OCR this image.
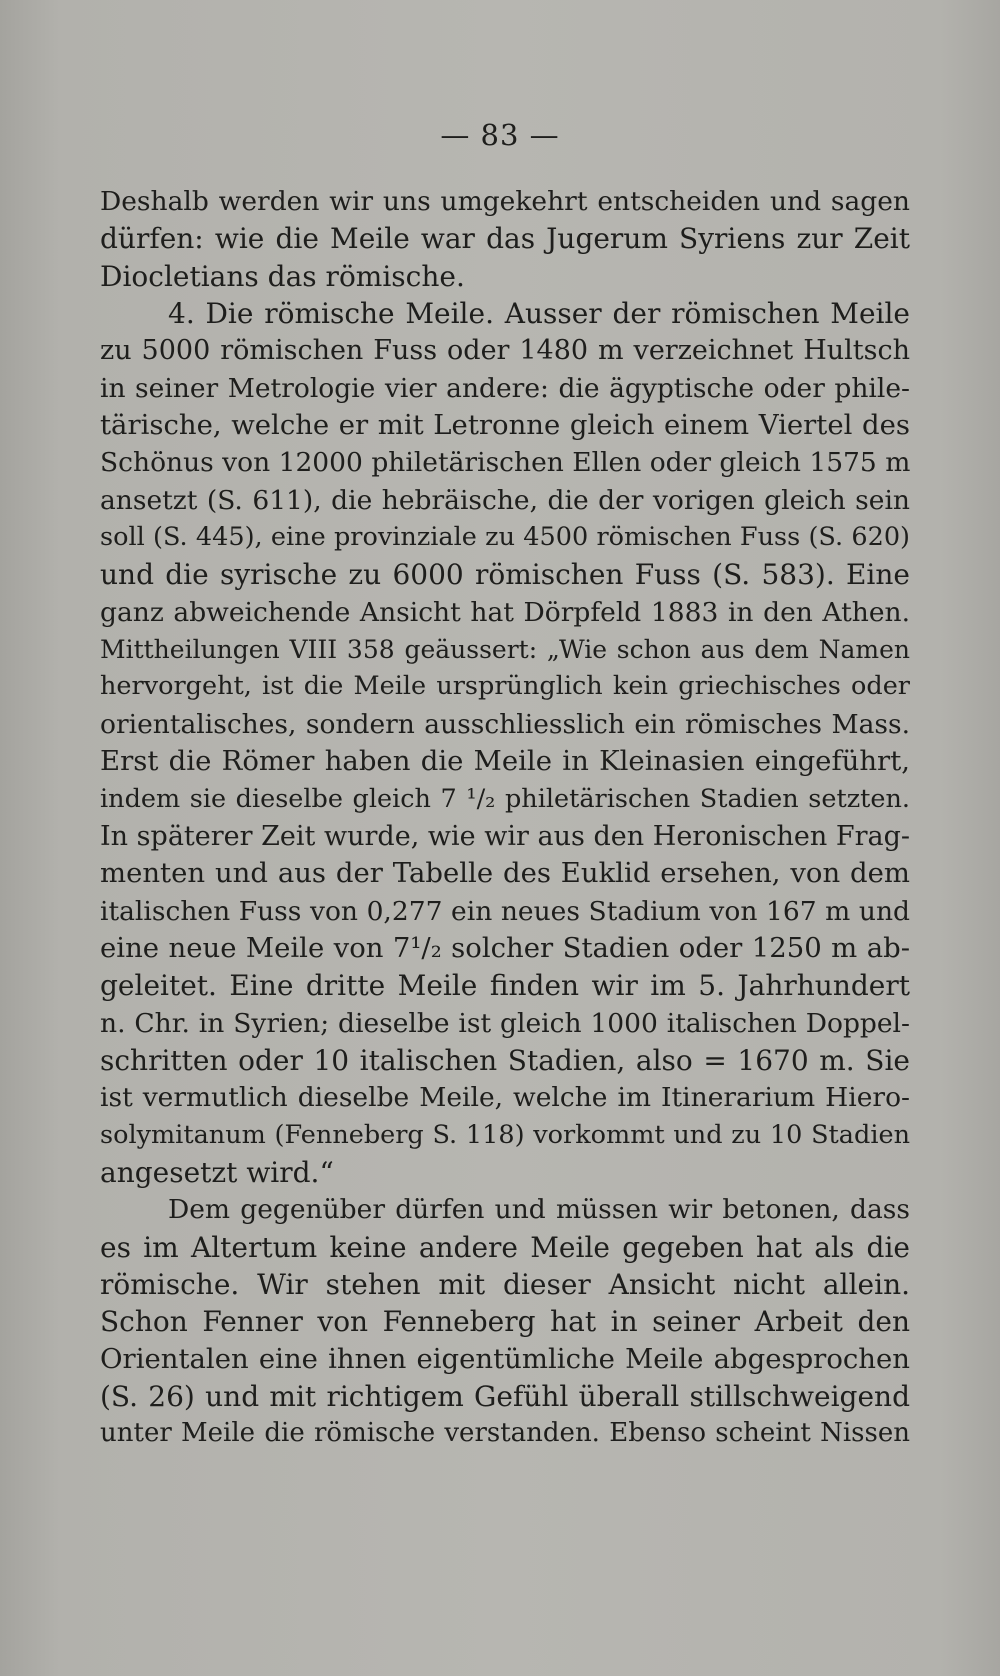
— 83 —
Deshalb werden wir uns umgekehrt entscheiden und sagen
dürfen: wie die Meile war das Jugerum Syriens zur Zeit
Diocletians das römische.
4. Die römische Meile. Ausser der römischen Meile
zu 5000 römischen Fuss oder 1480 m verzeichnet Hultsch
in seiner Metrologie vier andere: die ägyptische oder phile-
tärische, welche er mit Letronne gleich einem Viertel des
Schönus von 12000 philetärischen Ellen oder gleich 1575 m
ansetzt (S. 611), die hebräische, die der vorigen gleich sein
soll (S. 445), eine provinziale zu 4500 römischen Fuss (S. 620)
und die syrische zu 6000 römischen Fuss (S. 583). Eine
ganz abweichende Ansicht hat Dörpfeld 1883 in den Athen.
Mittheilungen VIII 358 geäussert: „Wie schon aus dem Namen
hervorgeht, ist die Meile ursprünglich kein griechisches oder
orientalisches, sondern ausschliesslich ein römisches Mass.
Erst die Römer haben die Meile in Kleinasien eingeführt,
indem sie dieselbe gleich 7 ¹/₂ philetärischen Stadien setzten.
In späterer Zeit wurde, wie wir aus den Heronischen Frag-
menten und aus der Tabelle des Euklid ersehen, von dem
italischen Fuss von 0,277 ein neues Stadium von 167 m und
eine neue Meile von 7¹/₂ solcher Stadien oder 1250 m ab-
geleitet. Eine dritte Meile finden wir im 5. Jahrhundert
n. Chr. in Syrien; dieselbe ist gleich 1000 italischen Doppel-
schritten oder 10 italischen Stadien, also = 1670 m. Sie
ist vermutlich dieselbe Meile, welche im Itinerarium Hiero-
solymitanum (Fenneberg S. 118) vorkommt und zu 10 Stadien
angesetzt wird.“
Dem gegenüber dürfen und müssen wir betonen, dass
es im Altertum keine andere Meile gegeben hat als die
römische. Wir stehen mit dieser Ansicht nicht allein.
Schon Fenner von Fenneberg hat in seiner Arbeit den
Orientalen eine ihnen eigentümliche Meile abgesprochen
(S. 26) und mit richtigem Gefühl überall stillschweigend
unter Meile die römische verstanden. Ebenso scheint Nissen
